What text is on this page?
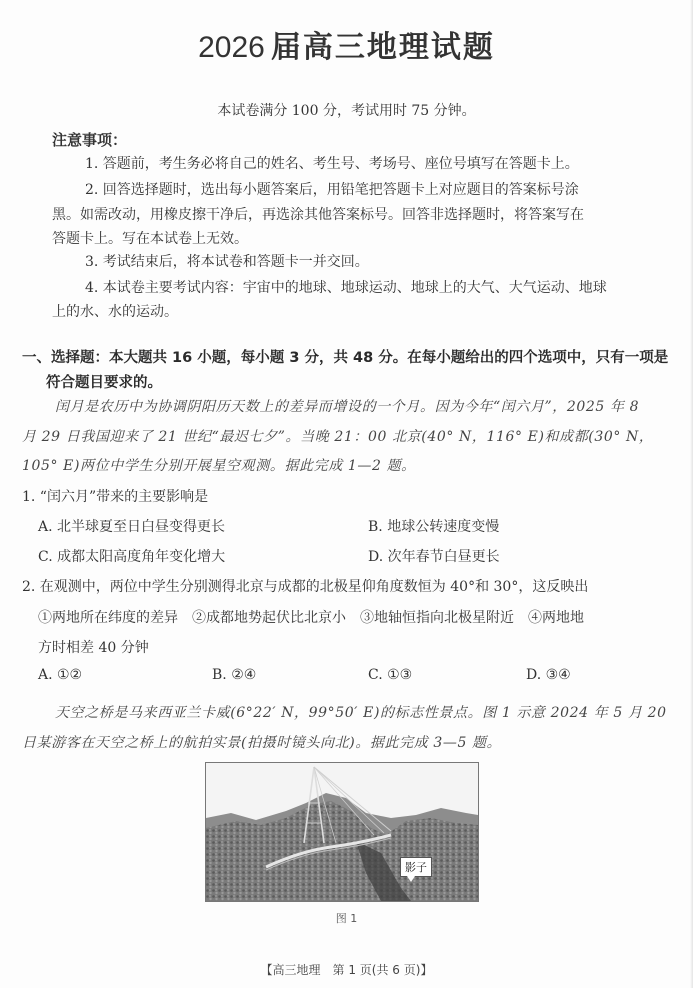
2026 届高三地理试题
本试卷满分 100 分，考试用时 75 分钟。
注意事项：
1. 答题前，考生务必将自己的姓名、考生号、考场号、座位号填写在答题卡上。
2. 回答选择题时，选出每小题答案后，用铅笔把答题卡上对应题目的答案标号涂
黑。如需改动，用橡皮擦干净后，再选涂其他答案标号。回答非选择题时，将答案写在
答题卡上。写在本试卷上无效。
3. 考试结束后，将本试卷和答题卡一并交回。
4. 本试卷主要考试内容：宇宙中的地球、地球运动、地球上的大气、大气运动、地球
上的水、水的运动。
一、选择题：本大题共 16 小题，每小题 3 分，共 48 分。在每小题给出的四个选项中，只有一项是
符合题目要求的。
闰月是农历中为协调阴阳历天数上的差异而增设的一个月。因为今年“闰六月”，2025 年 8
月 29 日我国迎来了 21 世纪“最迟七夕”。当晚 21：00 北京(40° N，116° E)和成都(30° N，
105° E)两位中学生分别开展星空观测。据此完成 1—2 题。
1. “闰六月”带来的主要影响是
A. 北半球夏至日白昼变得更长	B. 地球公转速度变慢
C. 成都太阳高度角年变化增大	D. 次年春节白昼更长
2. 在观测中，两位中学生分别测得北京与成都的北极星仰角度数恒为 40°和 30°，这反映出
①两地所在纬度的差异　②成都地势起伏比北京小　③地轴恒指向北极星附近　④两地地
方时相差 40 分钟
A. ①②	B. ②④	C. ①③	D. ③④
天空之桥是马来西亚兰卡威(6°22′ N，99°50′ E)的标志性景点。图 1 示意 2024 年 5 月 20
日某游客在天空之桥上的航拍实景(拍摄时镜头向北)。据此完成 3—5 题。
影子
图 1
【高三地理　第 1 页(共 6 页)】
